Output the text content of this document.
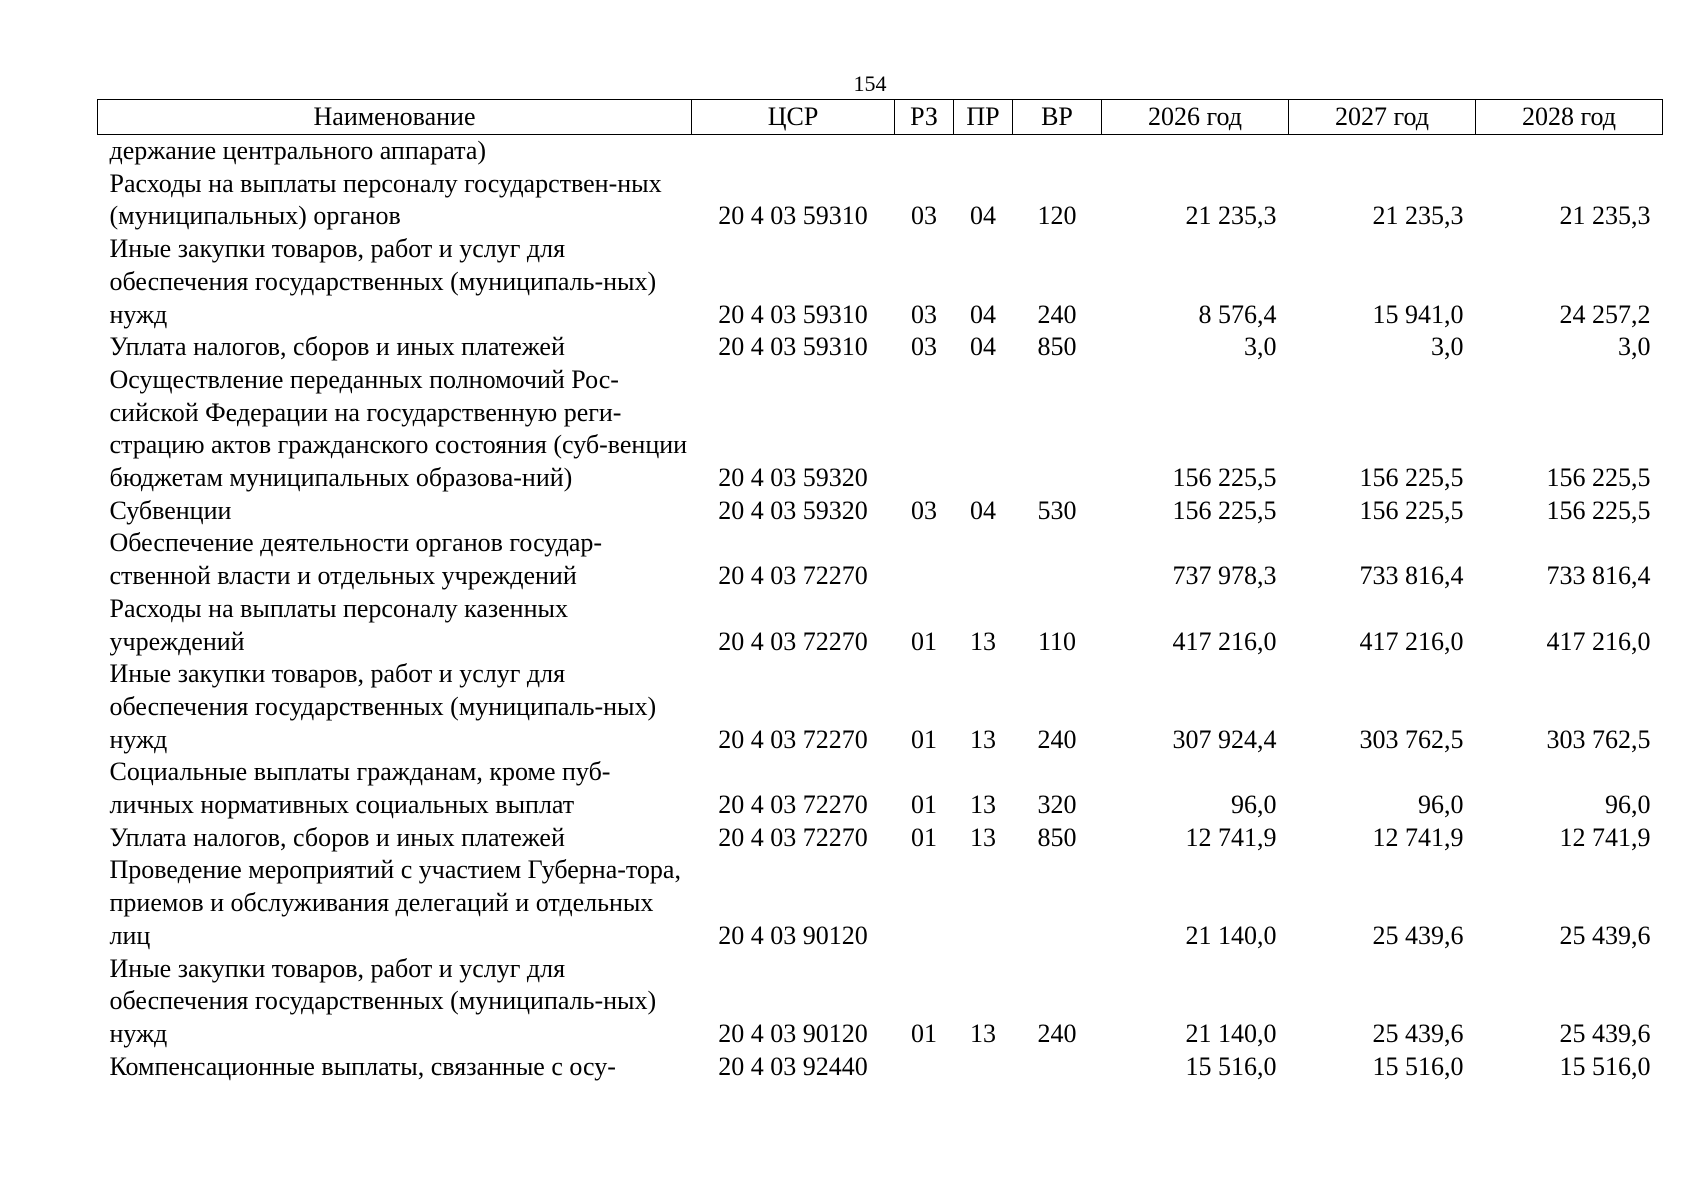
154
Наименование	ЦСР	РЗ	ПР	ВР	2026 год	2027 год	2028 год
держание центрального аппарата)							
Расходы на выплаты персоналу государствен-ных (муниципальных) органов	20 4 03 59310	03	04	120	21 235,3	21 235,3	21 235,3
Иные закупки товаров, работ и услуг для обеспечения государственных (муниципаль-ных) нужд	20 4 03 59310	03	04	240	8 576,4	15 941,0	24 257,2
Уплата налогов, сборов и иных платежей	20 4 03 59310	03	04	850	3,0	3,0	3,0
Осуществление переданных полномочий Рос-сийской Федерации на государственную реги-страцию актов гражданского состояния (суб-венции бюджетам муниципальных образова-ний)	20 4 03 59320				156 225,5	156 225,5	156 225,5
Субвенции	20 4 03 59320	03	04	530	156 225,5	156 225,5	156 225,5
Обеспечение деятельности органов государ-ственной власти и отдельных учреждений	20 4 03 72270				737 978,3	733 816,4	733 816,4
Расходы на выплаты персоналу казенных учреждений	20 4 03 72270	01	13	110	417 216,0	417 216,0	417 216,0
Иные закупки товаров, работ и услуг для обеспечения государственных (муниципаль-ных) нужд	20 4 03 72270	01	13	240	307 924,4	303 762,5	303 762,5
Социальные выплаты гражданам, кроме пуб-личных нормативных социальных выплат	20 4 03 72270	01	13	320	96,0	96,0	96,0
Уплата налогов, сборов и иных платежей	20 4 03 72270	01	13	850	12 741,9	12 741,9	12 741,9
Проведение мероприятий с участием Губерна-тора, приемов и обслуживания делегаций и отдельных лиц	20 4 03 90120				21 140,0	25 439,6	25 439,6
Иные закупки товаров, работ и услуг для обеспечения государственных (муниципаль-ных) нужд	20 4 03 90120	01	13	240	21 140,0	25 439,6	25 439,6
Компенсационные выплаты, связанные с осу-	20 4 03 92440				15 516,0	15 516,0	15 516,0
